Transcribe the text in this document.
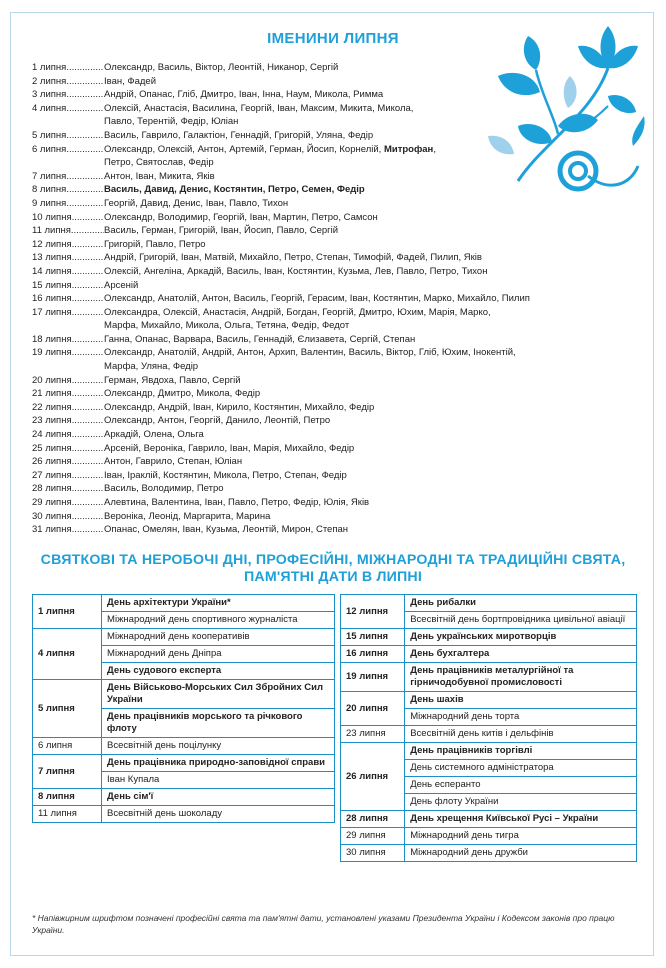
ІМЕНИНИ ЛИПНЯ
1 липня .....	Олександр, Василь, Віктор, Леонтій, Никанор, Сергій
2 липня .....	Іван, Фадей
3 липня .....	Андрій, Опанас, Гліб, Дмитро, Іван, Інна, Наум, Микола, Римма
4 липня .....	Олексій, Анастасія, Василина, Георгій, Іван, Максим, Микита, Микола,
Павло, Терентій, Федір, Юліан
5 липня .....	Василь, Гаврило, Галактіон, Геннадій, Григорій, Уляна, Федір
6 липня .....	Олександр, Олексій, Антон, Артемій, Герман, Йосип, Корнелій, Митрофан,
Петро, Святослав, Федір
7 липня .....	Антон, Іван, Микита, Яків
8 липня .....	Василь, Давид, Денис, Костянтин, Петро, Семен, Федір
9 липня .....	Георгій, Давид, Денис, Іван, Павло, Тихон
10 липня .....	Олександр, Володимир, Георгій, Іван, Мартин, Петро, Самсон
11 липня .....	Василь, Герман, Григорій, Іван, Йосип, Павло, Сергій
12 липня .....	Григорій, Павло, Петро
13 липня .....	Андрій, Григорій, Іван, Матвій, Михайло, Петро, Степан, Тимофій, Фадей, Пилип, Яків
14 липня .....	Олексій, Ангеліна, Аркадій, Василь, Іван, Костянтин, Кузьма, Лев, Павло, Петро, Тихон
15 липня .....	Арсеній
16 липня .....	Олександр, Анатолій, Антон, Василь, Георгій, Герасим, Іван, Костянтин, Марко, Михайло, Пилип
17 липня .....	Олександра, Олексій, Анастасія, Андрій, Богдан, Георгій, Дмитро, Юхим, Марія, Марко,
Марфа, Михайло, Микола, Ольга, Тетяна, Федір, Федот
18 липня .....	Ганна, Опанас, Варвара, Василь, Геннадій, Єлизавета, Сергій, Степан
19 липня .....	Олександр, Анатолій, Андрій, Антон, Архип, Валентин, Василь, Віктор, Гліб, Юхим, Інокентій,
Марфа, Уляна, Федір
20 липня .....	Герман, Явдоха, Павло, Сергій
21 липня .....	Олександр, Дмитро, Микола, Федір
22 липня .....	Олександр, Андрій, Іван, Кирило, Костянтин, Михайло, Федір
23 липня .....	Олександр, Антон, Георгій, Данило, Леонтій, Петро
24 липня .....	Аркадій, Олена, Ольга
25 липня .....	Арсеній, Вероніка, Гаврило, Іван, Марія, Михайло, Федір
26 липня .....	Антон, Гаврило, Степан, Юліан
27 липня .....	Іван, Іраклій, Костянтин, Микола, Петро, Степан, Федір
28 липня .....	Василь, Володимир, Петро
29 липня .....	Алевтина, Валентина, Іван, Павло, Петро, Федір, Юлія, Яків
30 липня .....	Вероніка, Леонід, Маргарита, Марина
31 липня .....	Опанас, Омелян, Іван, Кузьма, Леонтій, Мирон, Степан
СВЯТКОВІ ТА НЕРОБОЧІ ДНІ, ПРОФЕСІЙНІ, МІЖНАРОДНІ ТА ТРАДИЦІЙНІ СВЯТА,
ПАМ'ЯТНІ ДАТИ В ЛИПНІ
1 липня	День архітектури України*
	Міжнародний день спортивного журналіста
4 липня	Міжнародний день кооперативів
	Міжнародний день Дніпра
	День судового експерта
5 липня	День Військово-Морських Сил Збройних Сил України
	День працівників морського та річкового флоту
6 липня	Всесвітній день поцілунку
7 липня	День працівника природно-заповідної справи
	Іван Купала
8 липня	День сім'ї
11 липня	Всесвітній день шоколаду
12 липня	День рибалки
	Всесвітній день бортпровідника цивільної авіації
15 липня	День українських миротворців
16 липня	День бухгалтера
19 липня	День працівників металургійної та гірничодобувної промисловості
20 липня	День шахів
	Міжнародний день торта
23 липня	Всесвітній день китів і дельфінів
26 липня	День працівників торгівлі
	День системного адміністратора
	День есперанто
	День флоту України
28 липня	День хрещення Київської Русі – України
29 липня	Міжнародний день тигра
30 липня	Міжнародний день дружби
* Напівжирним шрифтом позначені професійні свята та пам'ятні дати, установлені указами Президента України і Кодексом законів про працю України.
